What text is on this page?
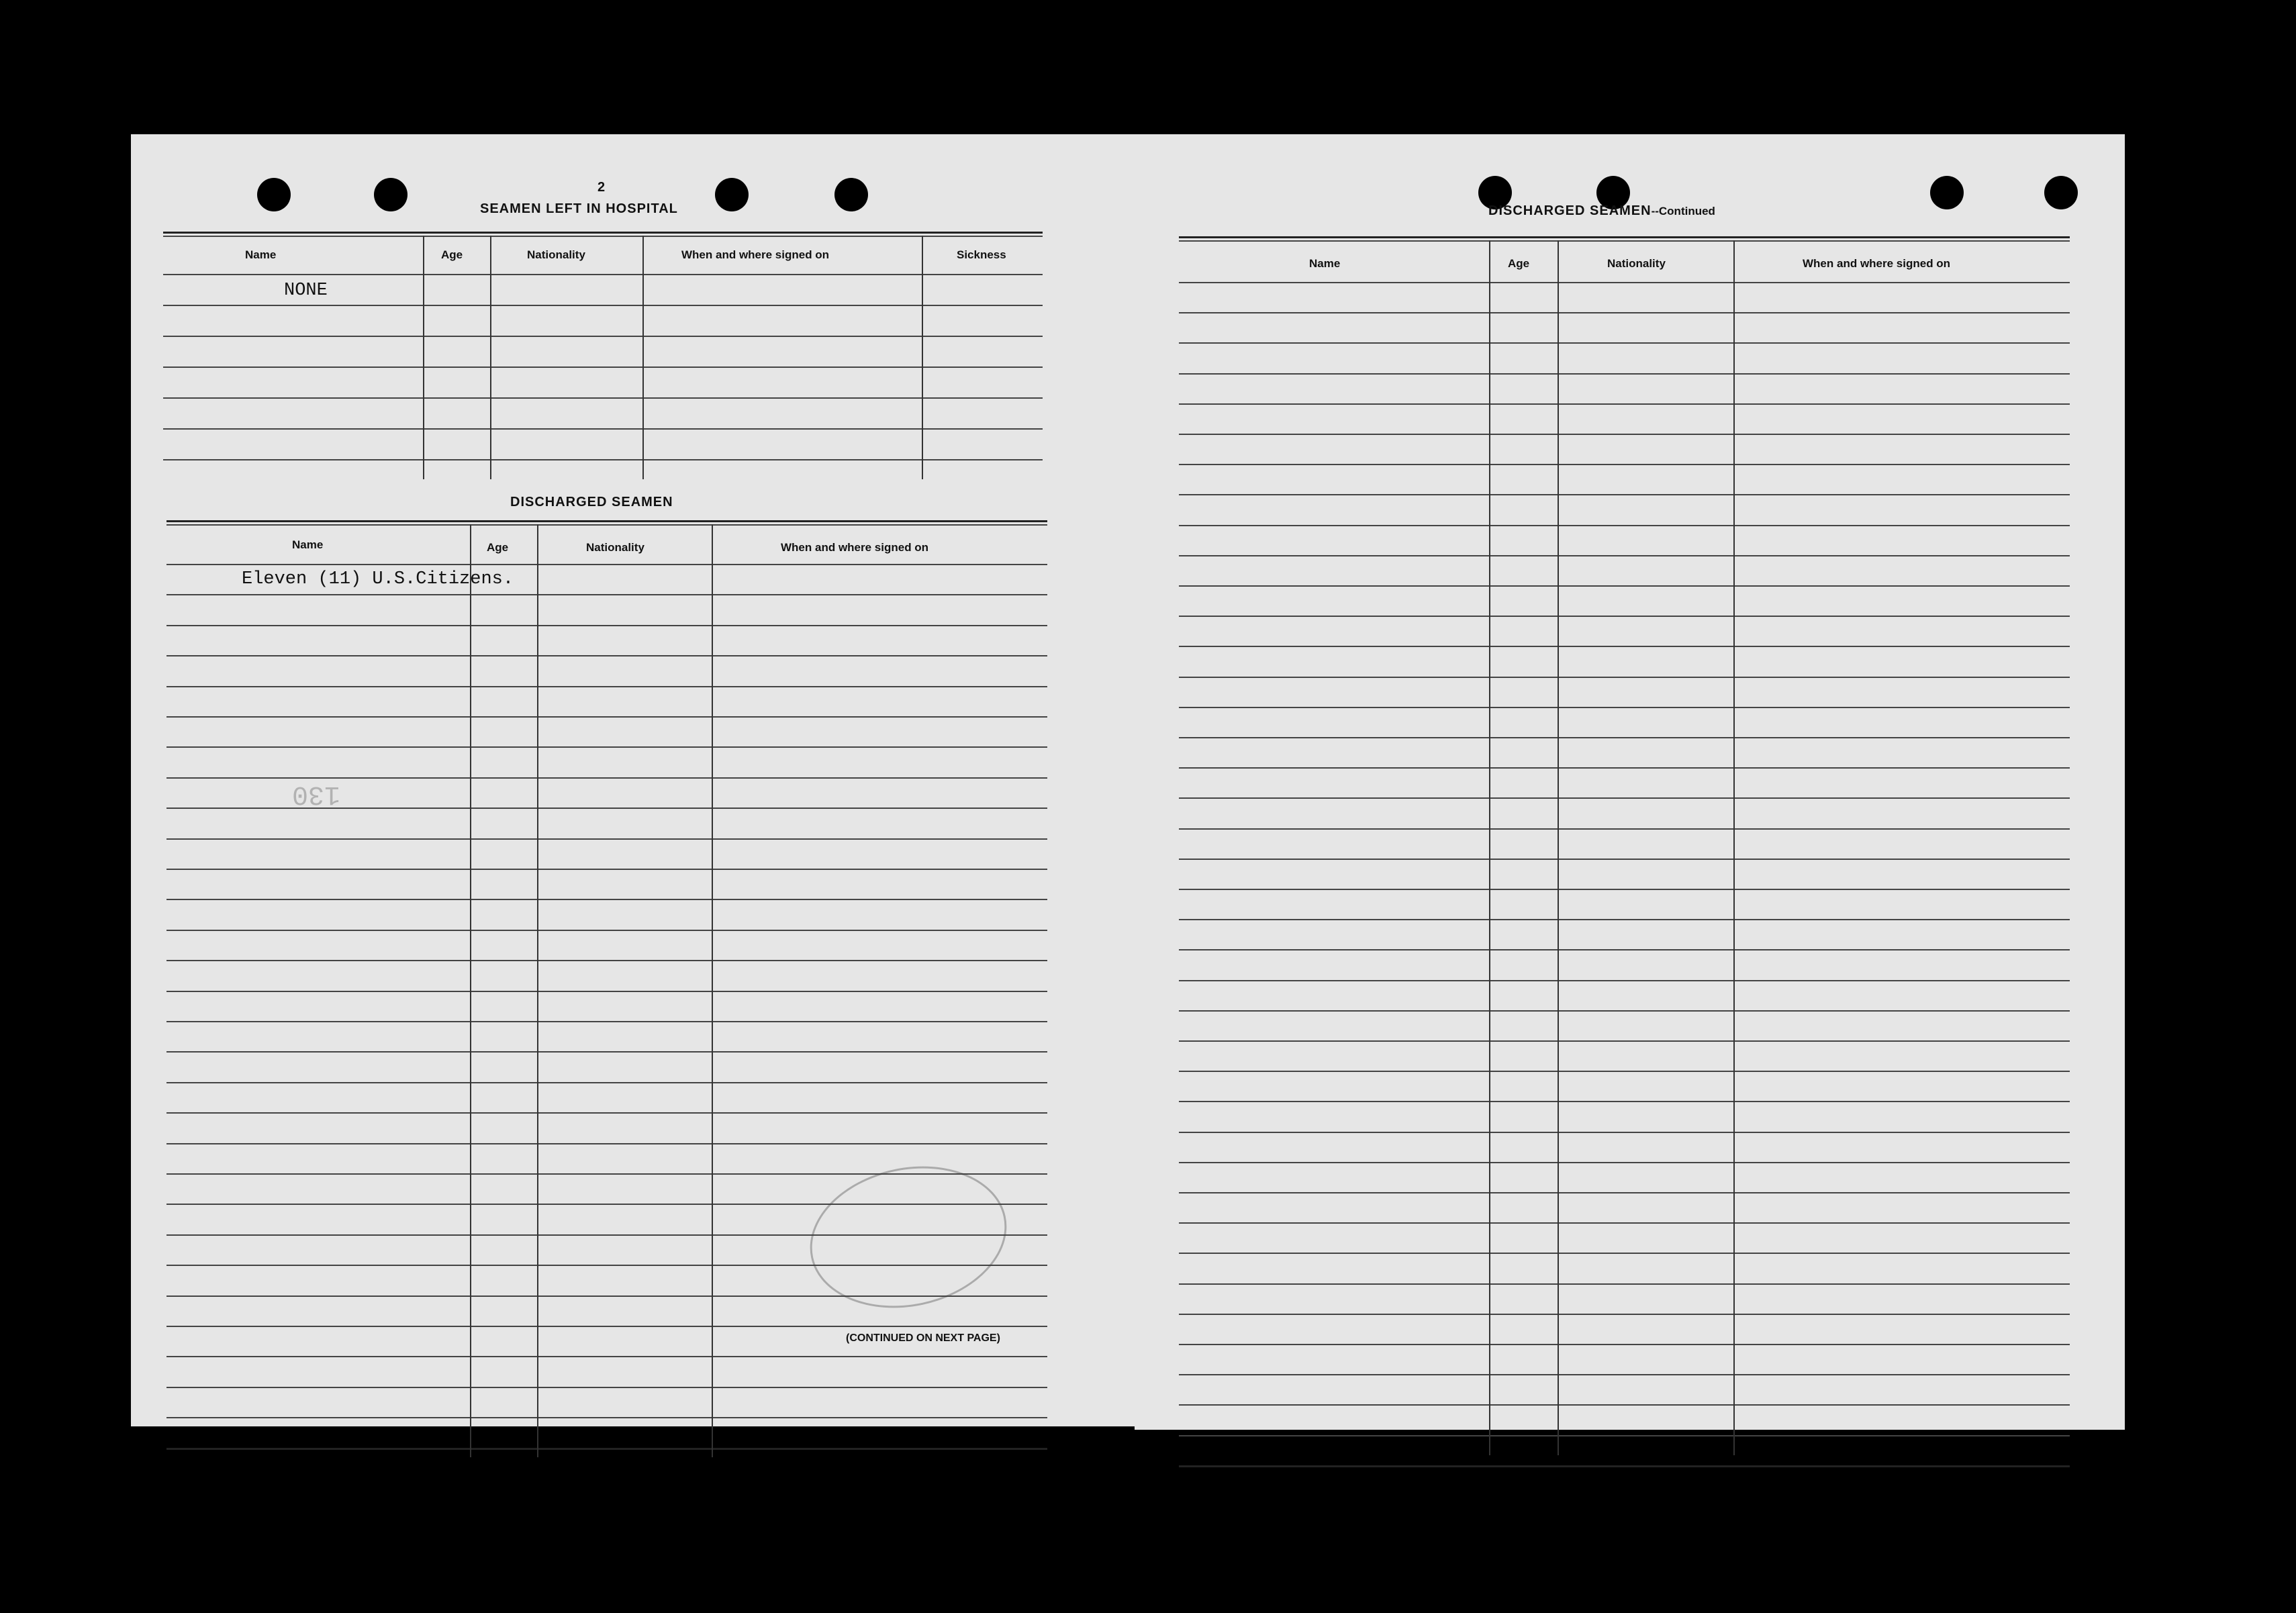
2
SEAMEN LEFT IN HOSPITAL
Name	Age	Nationality	When and where signed on	Sickness
NONE
DISCHARGED SEAMEN
Name	Age	Nationality	When and where signed on
Eleven (11) U.S.Citizens.
130
(CONTINUED ON NEXT PAGE)
DISCHARGED SEAMEN--Continued
Name	Age	Nationality	When and where signed on
